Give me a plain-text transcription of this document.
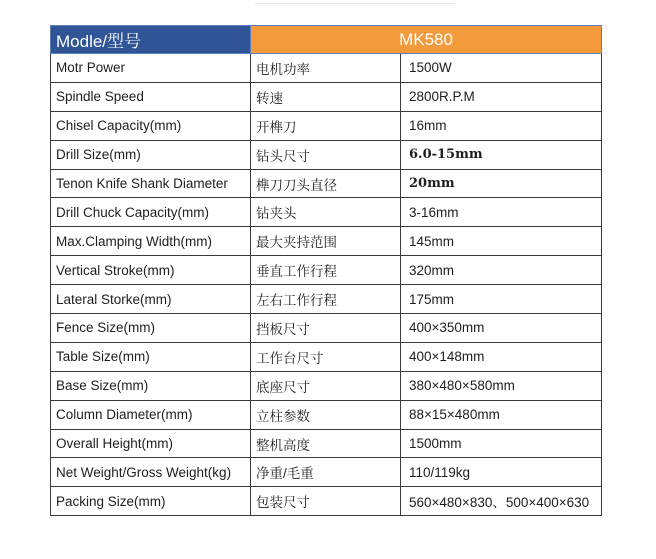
Modle/型号	MK580	
Motr Power	电机功率	1500W
Spindle Speed	转速	2800R.P.M
Chisel Capacity(mm)	开榫刀	16mm
Drill Size(mm)	钻头尺寸	6.0-15mm
Tenon Knife Shank Diameter	榫刀刀头直径	20mm
Drill Chuck Capacity(mm)	钻夹头	3-16mm
Max.Clamping Width(mm)	最大夹持范围	145mm
Vertical Stroke(mm)	垂直工作行程	320mm
Lateral Storke(mm)	左右工作行程	175mm
Fence Size(mm)	挡板尺寸	400×350mm
Table Size(mm)	工作台尺寸	400×148mm
Base Size(mm)	底座尺寸	380×480×580mm
Column Diameter(mm)	立柱参数	88×15×480mm
Overall Height(mm)	整机高度	1500mm
Net Weight/Gross Weight(kg)	净重/毛重	110/119kg
Packing Size(mm)	包装尺寸	560×480×830、500×400×630
